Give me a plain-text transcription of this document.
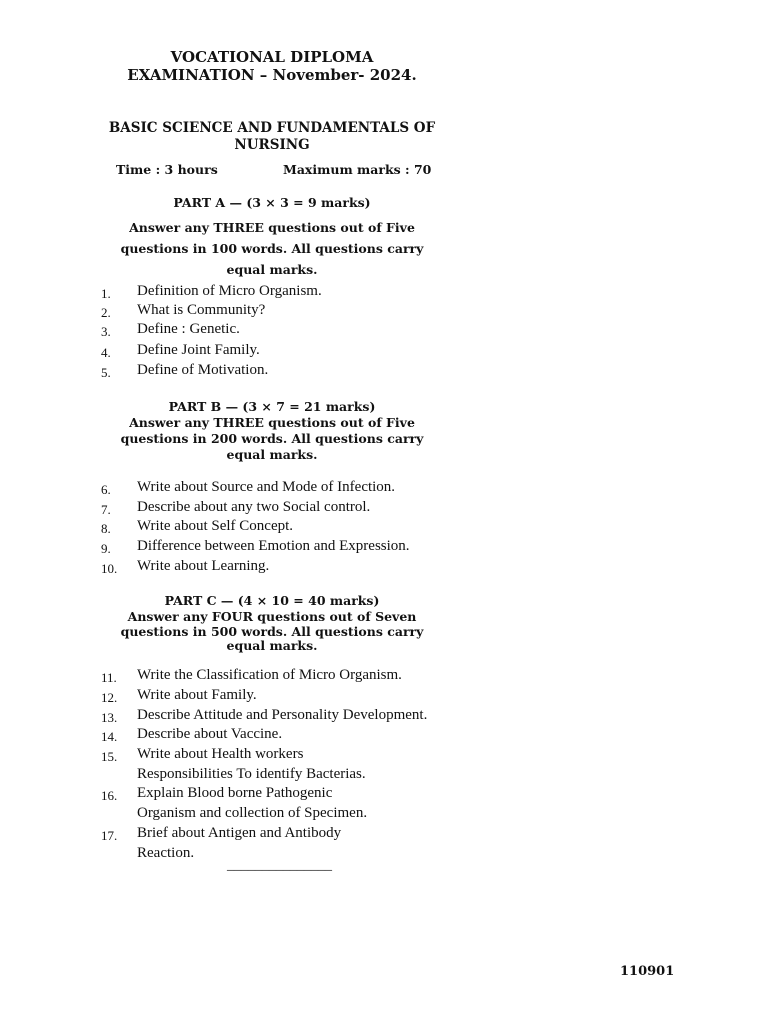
VOCATIONAL DIPLOMA
EXAMINATION – November- 2024.
BASIC SCIENCE AND FUNDAMENTALS OF
NURSING
Time : 3 hours	Maximum marks : 70
PART A — (3 × 3 = 9 marks)
Answer any THREE questions out of Five
questions in 100 words. All questions carry
equal marks.
1. Definition of Micro Organism.
2. What is Community?
3. Define : Genetic.
4. Define Joint Family.
5. Define of Motivation.
PART B — (3 × 7 = 21 marks)
Answer any THREE questions out of Five
questions in 200 words. All questions carry
equal marks.
6. Write about Source and Mode of Infection.
7. Describe about any two Social control.
8. Write about Self Concept.
9. Difference between Emotion and Expression.
10. Write about Learning.
PART C — (4 × 10 = 40 marks)
Answer any FOUR questions out of Seven
questions in 500 words. All questions carry
equal marks.
11. Write the Classification of Micro Organism.
12. Write about Family.
13. Describe Attitude and Personality Development.
14. Describe about Vaccine.
15. Write about Health workers
Responsibilities To identify Bacterias.
16. Explain Blood borne Pathogenic
Organism and collection of Specimen.
17. Brief about Antigen and Antibody
Reaction.
_______________
110901
